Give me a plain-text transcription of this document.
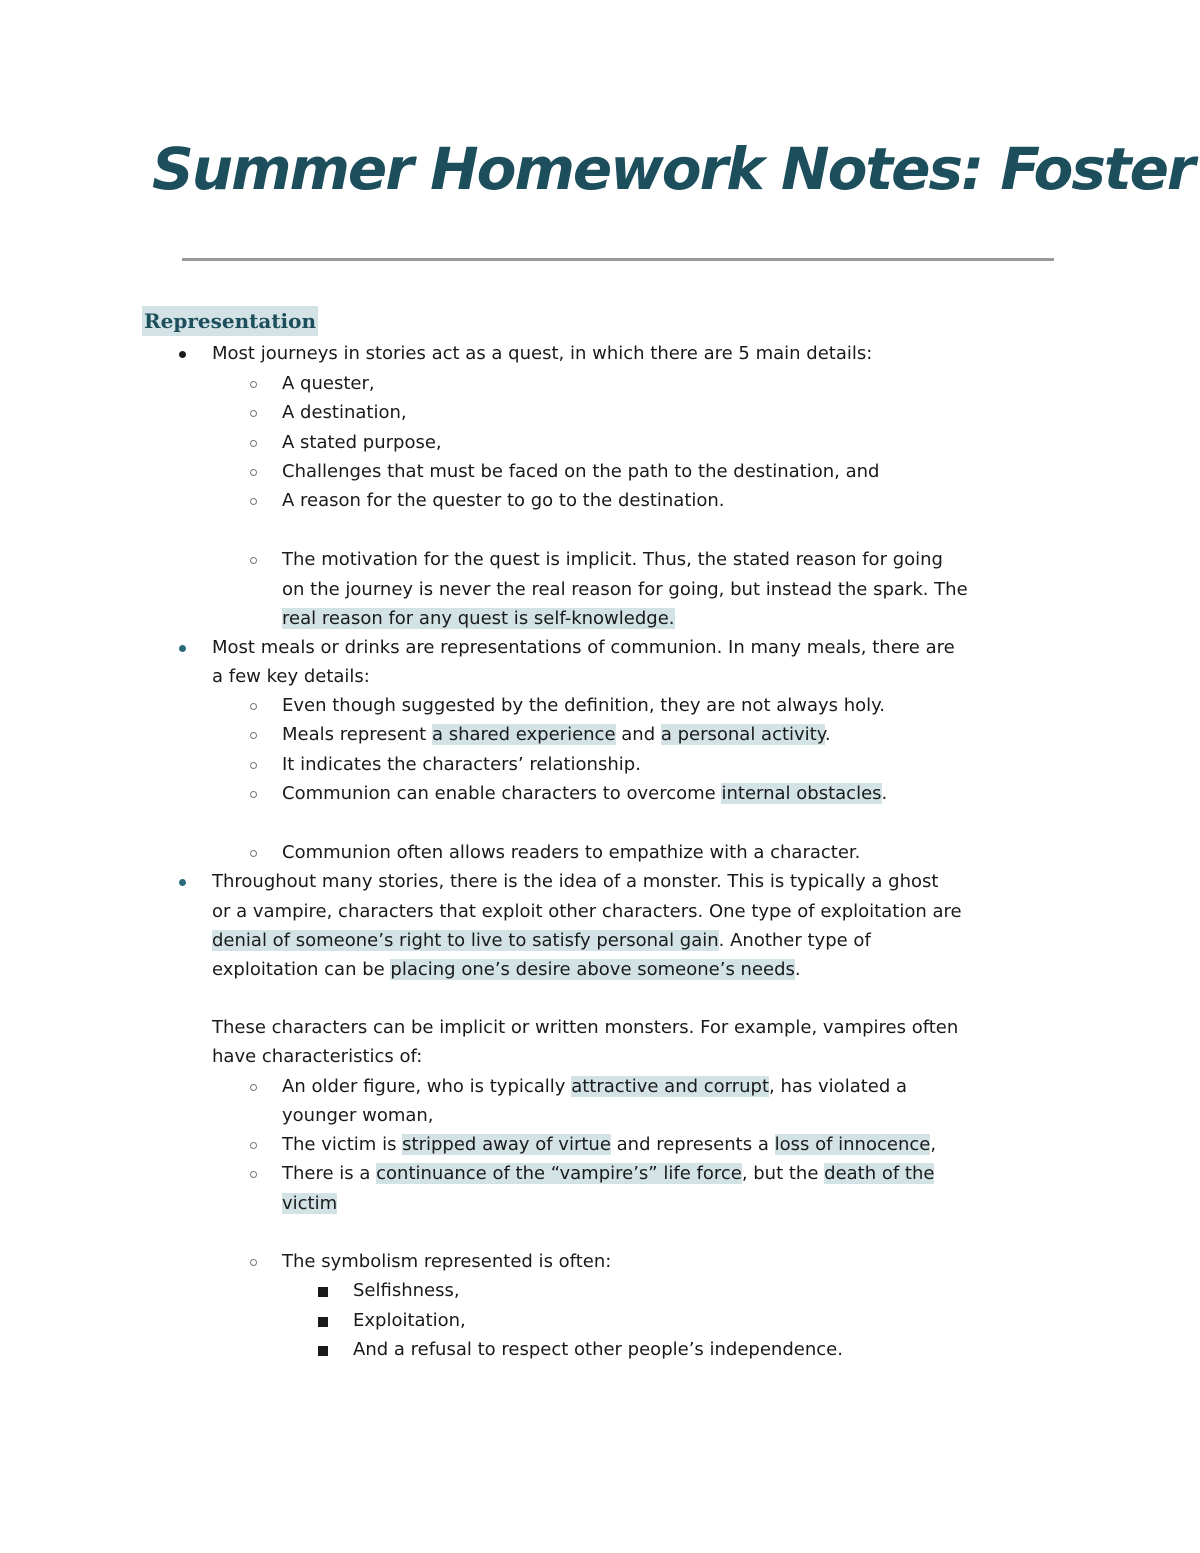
Summer Homework Notes: Foster
Representation
Most journeys in stories act as a quest, in which there are 5 main details:
A quester,
A destination,
A stated purpose,
Challenges that must be faced on the path to the destination, and
A reason for the quester to go to the destination.
The motivation for the quest is implicit. Thus, the stated reason for going
on the journey is never the real reason for going, but instead the spark. The
real reason for any quest is self-knowledge.
Most meals or drinks are representations of communion. In many meals, there are
a few key details:
Even though suggested by the definition, they are not always holy.
Meals represent a shared experience and a personal activity.
It indicates the characters’ relationship.
Communion can enable characters to overcome internal obstacles.
Communion often allows readers to empathize with a character.
Throughout many stories, there is the idea of a monster. This is typically a ghost
or a vampire, characters that exploit other characters. One type of exploitation are
denial of someone’s right to live to satisfy personal gain. Another type of
exploitation can be placing one’s desire above someone’s needs.
These characters can be implicit or written monsters. For example, vampires often
have characteristics of:
An older figure, who is typically attractive and corrupt, has violated a
younger woman,
The victim is stripped away of virtue and represents a loss of innocence,
There is a continuance of the “vampire’s” life force, but the death of the
victim
The symbolism represented is often:
Selfishness,
Exploitation,
And a refusal to respect other people’s independence.
